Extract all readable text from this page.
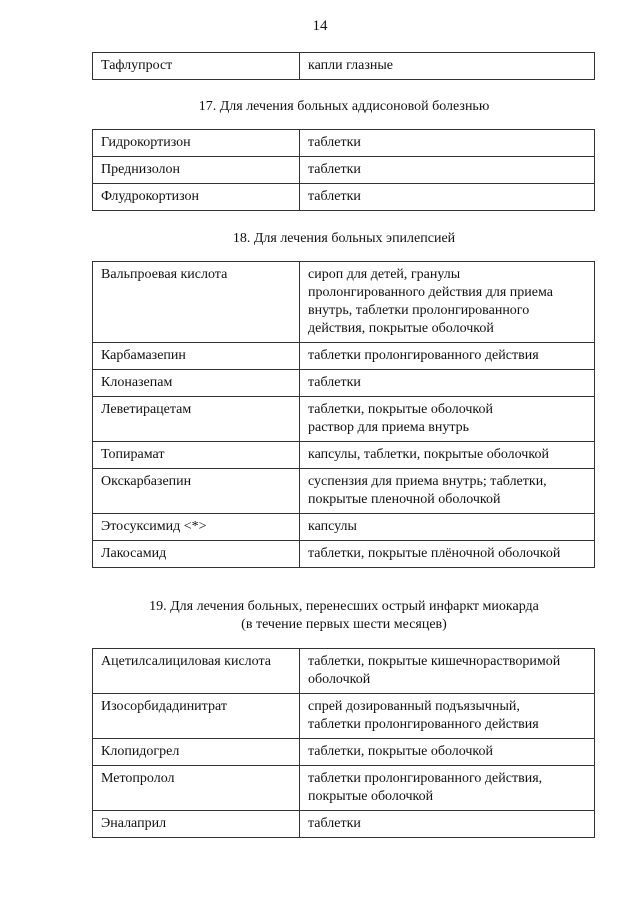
14
Тафлупрост	капли глазные
17. Для лечения больных аддисоновой болезнью
Гидрокортизон	таблетки
Преднизолон	таблетки
Флудрокортизон	таблетки
18. Для лечения больных эпилепсией
Вальпроевая кислота	сироп для детей, гранулы
пролонгированного действия для приема
внутрь, таблетки пролонгированного
действия, покрытые оболочкой
Карбамазепин	таблетки пролонгированного действия
Клоназепам	таблетки
Леветирацетам	таблетки, покрытые оболочкой
раствор для приема внутрь
Топирамат	капсулы, таблетки, покрытые оболочкой
Окскарбазепин	суспензия для приема внутрь; таблетки,
покрытые пленочной оболочкой
Этосуксимид <*>	капсулы
Лакосамид	таблетки, покрытые плёночной оболочкой
19. Для лечения больных, перенесших острый инфаркт миокарда
(в течение первых шести месяцев)
Ацетилсалициловая кислота	таблетки, покрытые кишечнорастворимой
оболочкой
Изосорбидадинитрат	спрей дозированный подъязычный,
таблетки пролонгированного действия
Клопидогрел	таблетки, покрытые оболочкой
Метопролол	таблетки пролонгированного действия,
покрытые оболочкой
Эналаприл	таблетки
